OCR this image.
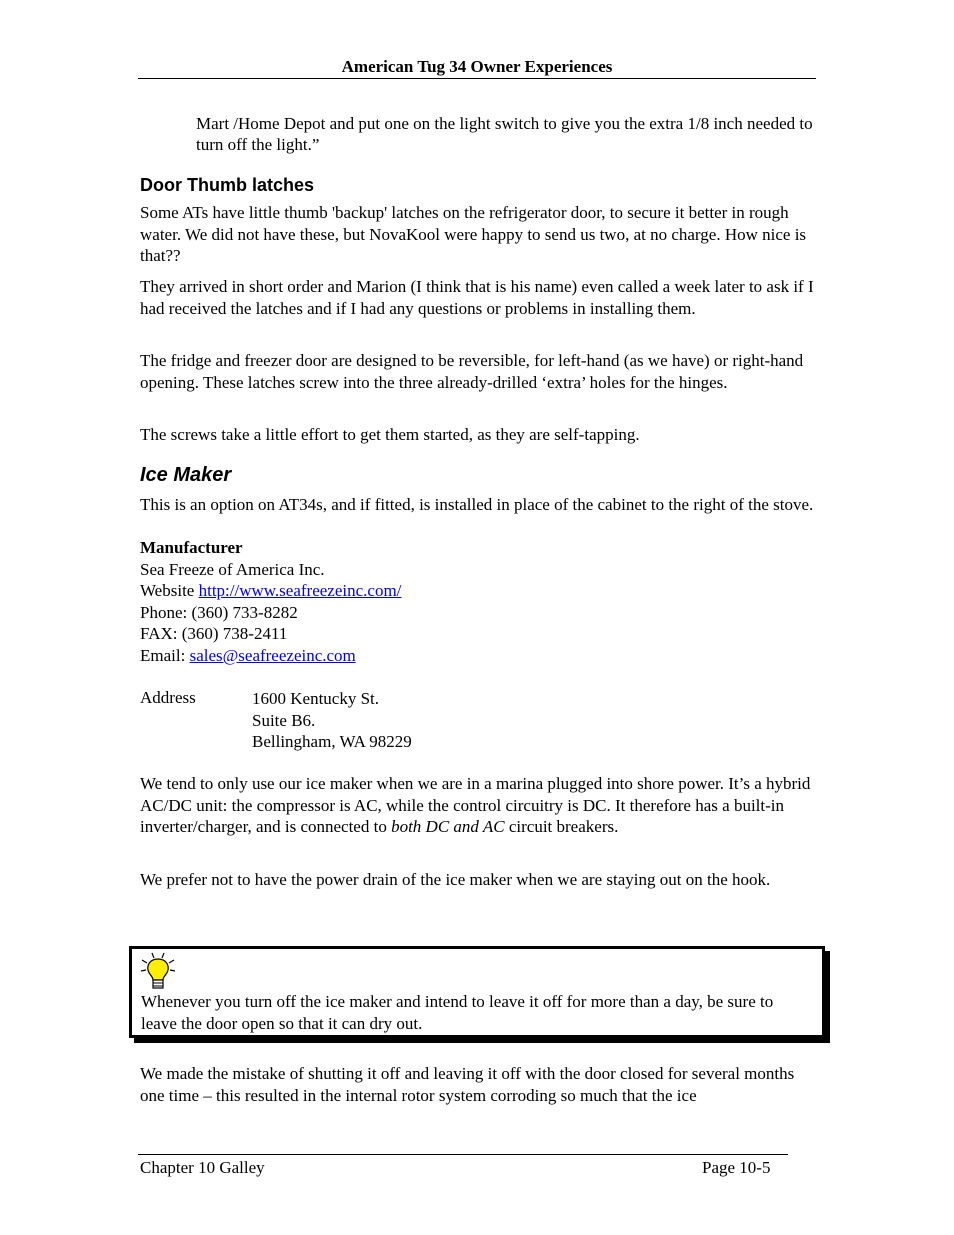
American Tug 34 Owner Experiences
Mart /Home Depot and put one on the light switch to give you the extra 1/8 inch needed to turn off the light.”
Door Thumb latches
Some ATs have little thumb 'backup' latches on the refrigerator door, to secure it better in rough water. We did not have these, but NovaKool were happy to send us two, at no charge. How nice is that??
They arrived in short order and Marion (I think that is his name) even called a week later to ask if I had received the latches and if I had any questions or problems in installing them.
The fridge and freezer door are designed to be reversible, for left-hand (as we have) or right-hand opening. These latches screw into the three already-drilled ‘extra’ holes for the hinges.
The screws take a little effort to get them started, as they are self-tapping.
Ice Maker
This is an option on AT34s, and if fitted, is installed in place of the cabinet to the right of the stove.
Manufacturer
Sea Freeze of America Inc.
Website http://www.seafreezeinc.com/
Phone: (360) 733-8282
FAX: (360) 738-2411
Email: sales@seafreezeinc.com
Address	1600 Kentucky St.
Suite B6.
Bellingham, WA 98229
We tend to only use our ice maker when we are in a marina plugged into shore power. It’s a hybrid AC/DC unit: the compressor is AC, while the control circuitry is DC. It therefore has a built-in inverter/charger, and is connected to both DC and AC circuit breakers.
We prefer not to have the power drain of the ice maker when we are staying out on the hook.
Whenever you turn off the ice maker and intend to leave it off for more than a day, be sure to leave the door open so that it can dry out.
We made the mistake of shutting it off and leaving it off with the door closed for several months one time – this resulted in the internal rotor system corroding so much that the ice
Chapter 10 Galley	Page 10-5
